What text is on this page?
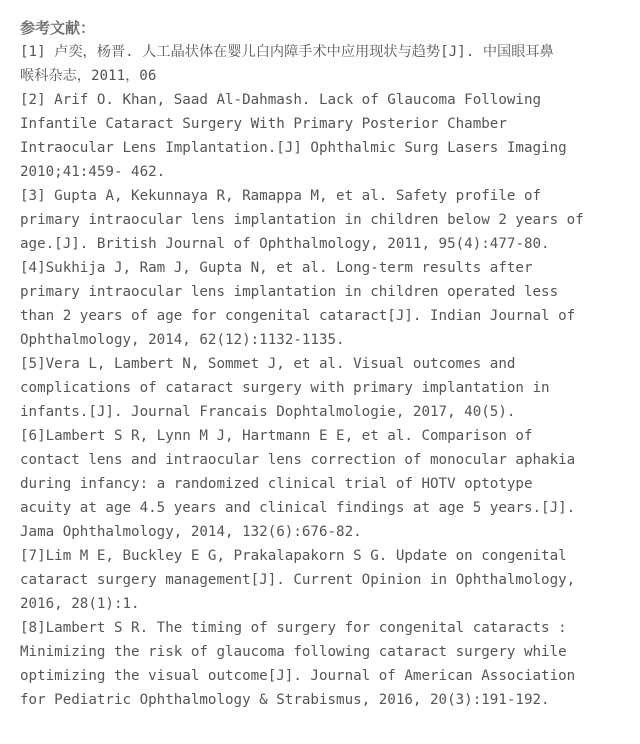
参考文献：
[1] 卢奕，杨晋. 人工晶状体在婴儿白内障手术中应用现状与趋势[J]. 中国眼耳鼻
喉科杂志，2011，06
[2] Arif O. Khan, Saad Al-Dahmash. Lack of Glaucoma Following
Infantile Cataract Surgery With Primary Posterior Chamber
Intraocular Lens Implantation.[J] Ophthalmic Surg Lasers Imaging
2010;41:459- 462.
[3] Gupta A, Kekunnaya R, Ramappa M, et al. Safety profile of
primary intraocular lens implantation in children below 2 years of
age.[J]. British Journal of Ophthalmology, 2011, 95(4):477-80.
[4]Sukhija J, Ram J, Gupta N, et al. Long-term results after
primary intraocular lens implantation in children operated less
than 2 years of age for congenital cataract[J]. Indian Journal of
Ophthalmology, 2014, 62(12):1132-1135.
[5]Vera L, Lambert N, Sommet J, et al. Visual outcomes and
complications of cataract surgery with primary implantation in
infants.[J]. Journal Francais Dophtalmologie, 2017, 40(5).
[6]Lambert S R, Lynn M J, Hartmann E E, et al. Comparison of
contact lens and intraocular lens correction of monocular aphakia
during infancy: a randomized clinical trial of HOTV optotype
acuity at age 4.5 years and clinical findings at age 5 years.[J].
Jama Ophthalmology, 2014, 132(6):676-82.
[7]Lim M E, Buckley E G, Prakalapakorn S G. Update on congenital
cataract surgery management[J]. Current Opinion in Ophthalmology,
2016, 28(1):1.
[8]Lambert S R. The timing of surgery for congenital cataracts :
Minimizing the risk of glaucoma following cataract surgery while
optimizing the visual outcome[J]. Journal of American Association
for Pediatric Ophthalmology & Strabismus, 2016, 20(3):191-192.
